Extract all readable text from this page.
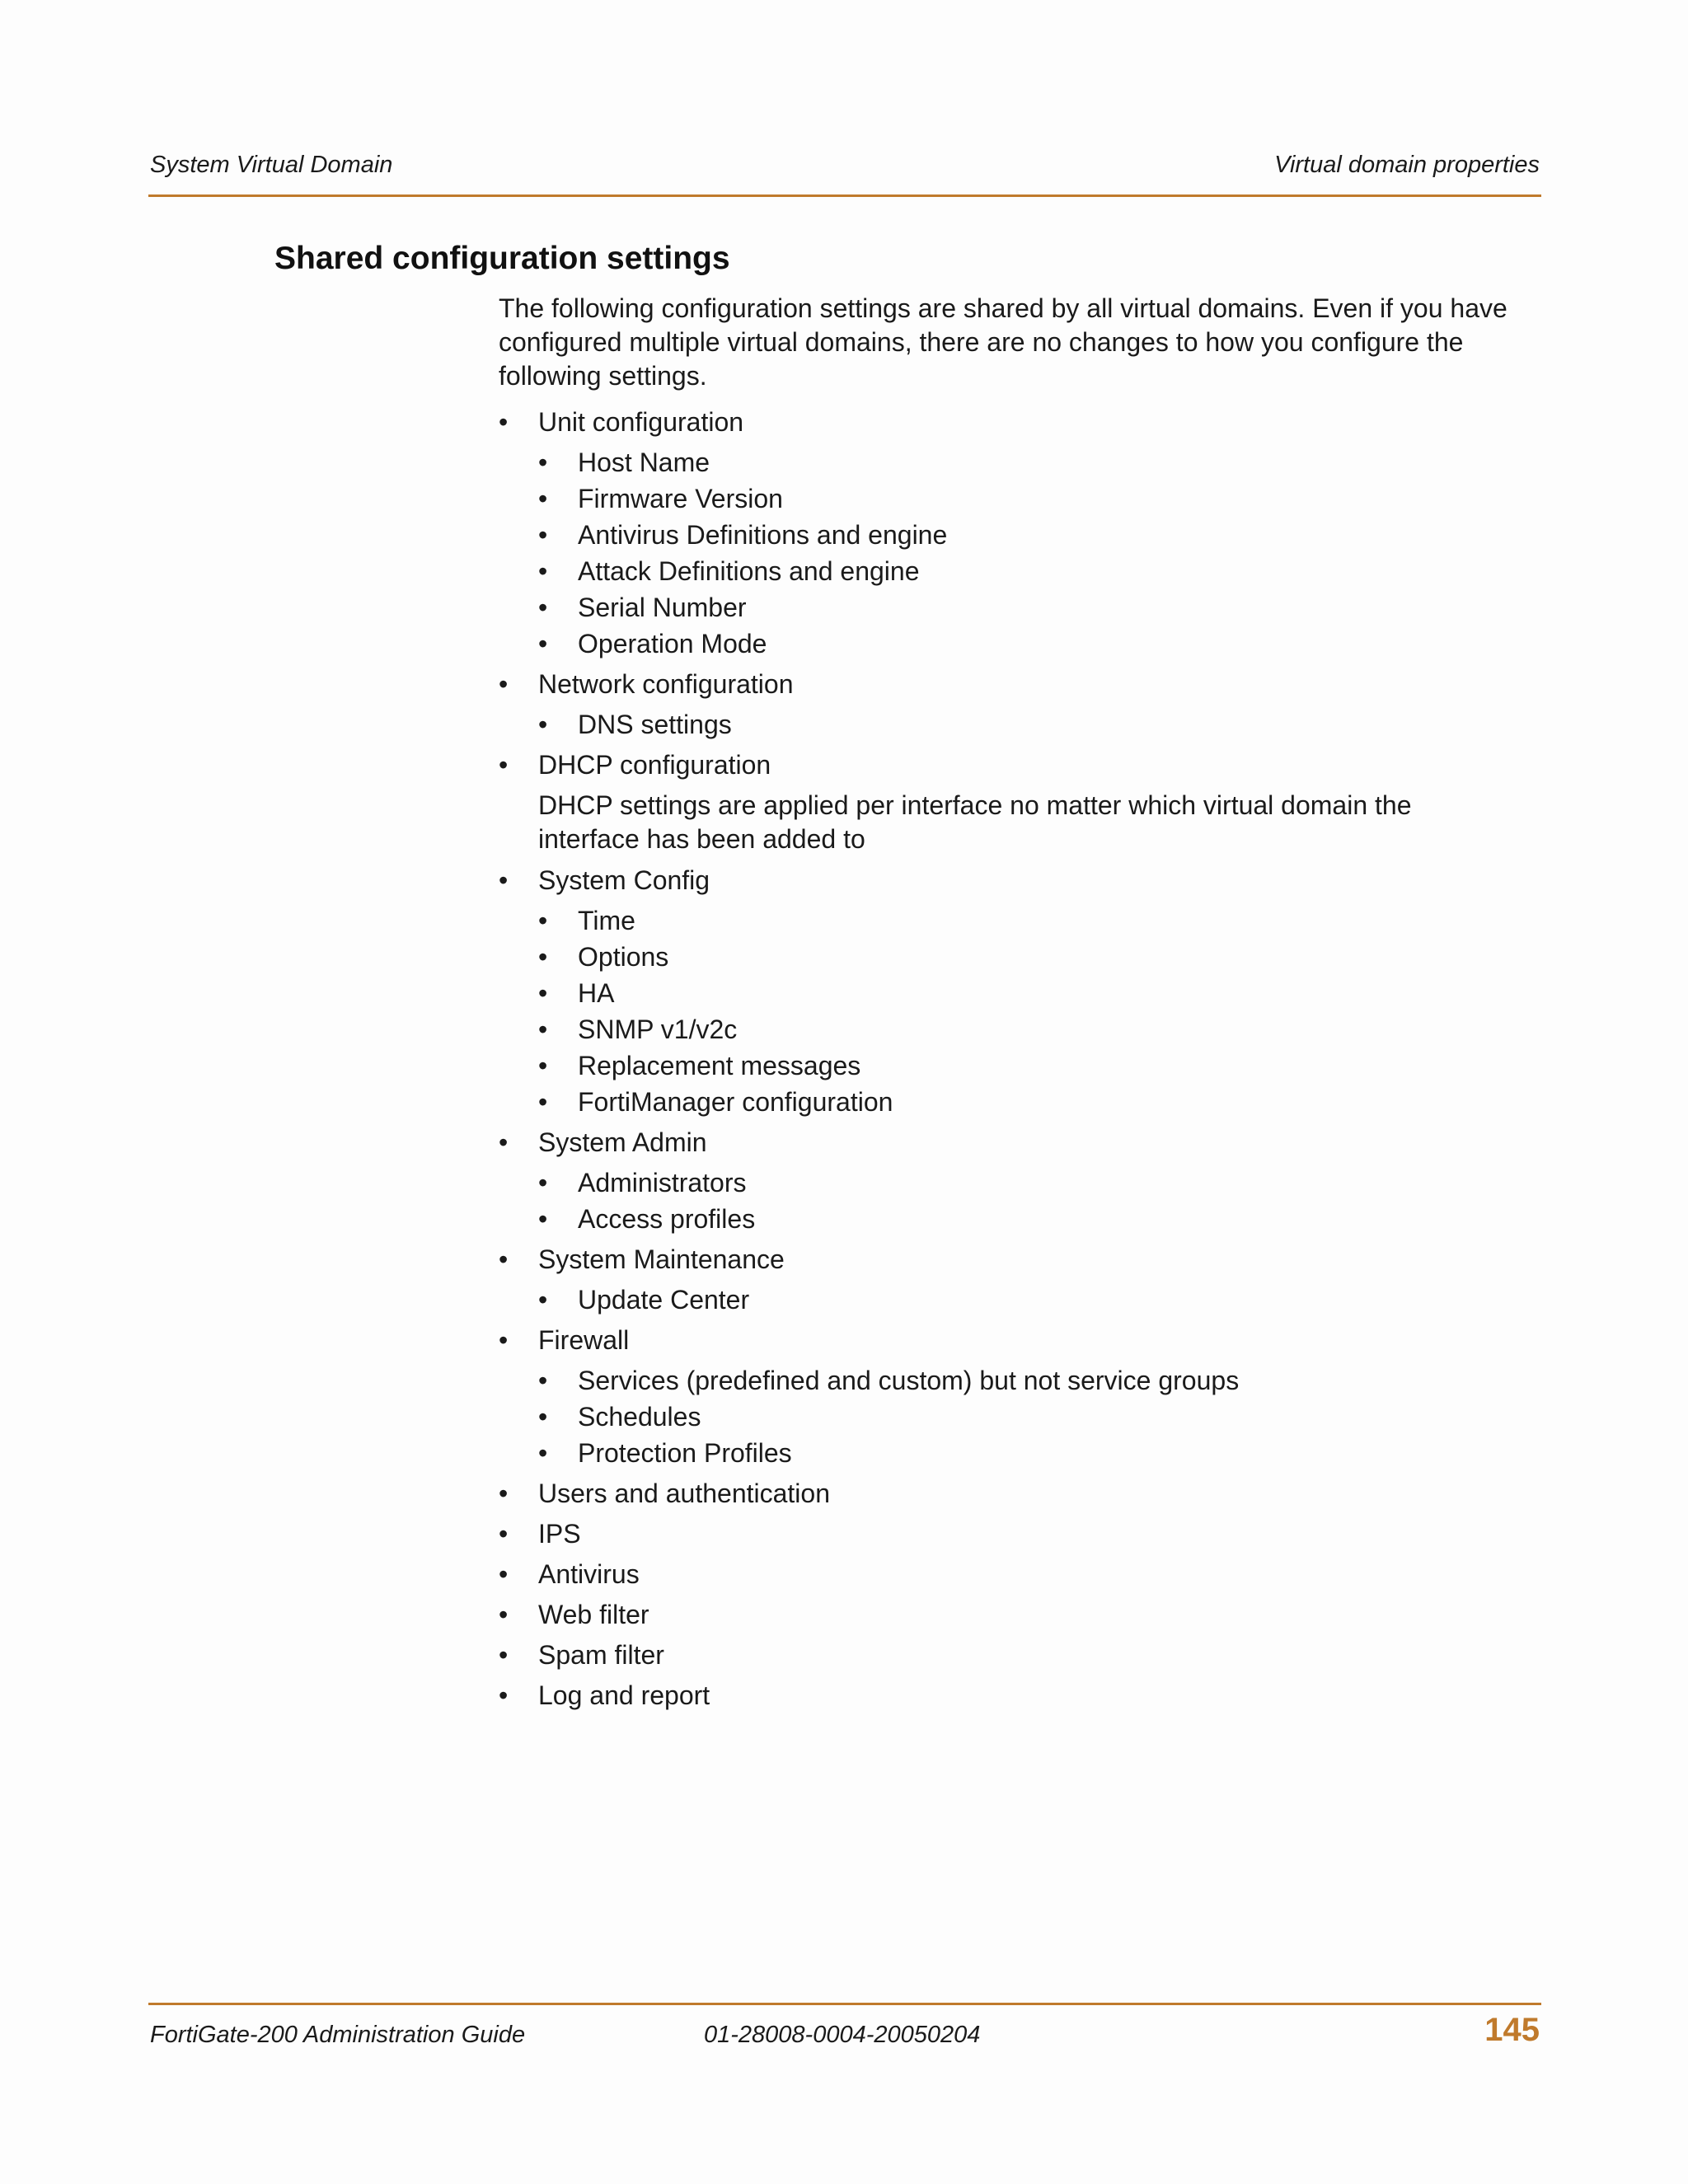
System Virtual Domain	Virtual domain properties
Shared configuration settings

The following configuration settings are shared by all virtual domains. Even if you have configured multiple virtual domains, there are no changes to how you configure the following settings.

• Unit configuration
• Host Name
• Firmware Version
• Antivirus Definitions and engine
• Attack Definitions and engine
• Serial Number
• Operation Mode
• Network configuration
• DNS settings
• DHCP configuration
DHCP settings are applied per interface no matter which virtual domain the interface has been added to
• System Config
• Time
• Options
• HA
• SNMP v1/v2c
• Replacement messages
• FortiManager configuration
• System Admin
• Administrators
• Access profiles
• System Maintenance
• Update Center
• Firewall
• Services (predefined and custom) but not service groups
• Schedules
• Protection Profiles
• Users and authentication
• IPS
• Antivirus
• Web filter
• Spam filter
• Log and report
FortiGate-200 Administration Guide	01-28008-0004-20050204	145
